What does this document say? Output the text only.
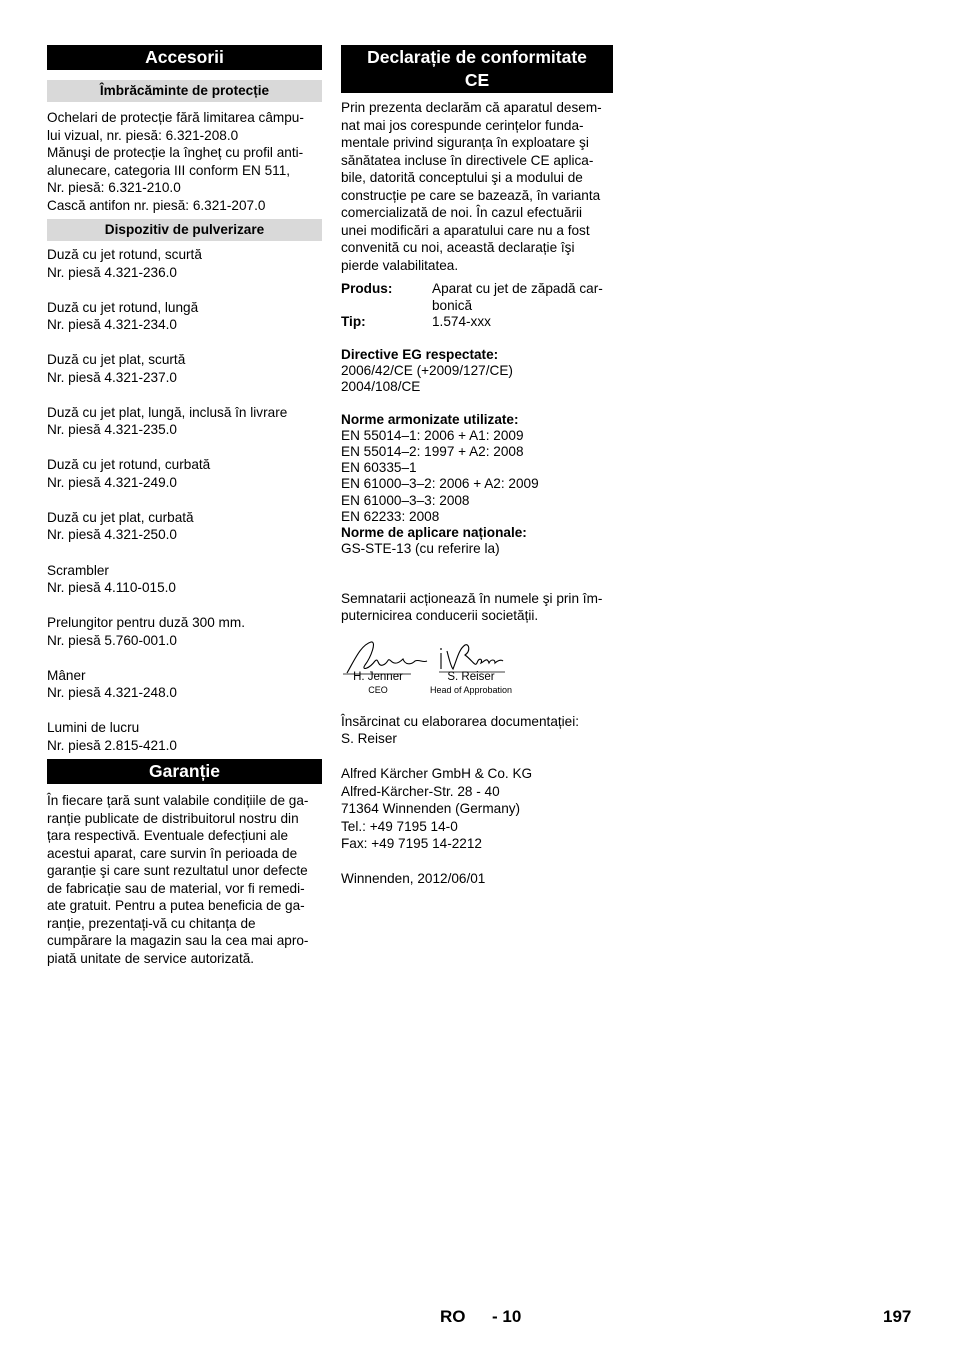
Accesorii
Îmbrăcăminte de protecție

Ochelari de protecție fără limitarea câmpu-

lui vizual, nr. piesă: 6.321-208.0

Mănuşi de protecție la îngheț cu profil anti-

alunecare, categoria III conform EN 511,

Nr. piesă: 6.321-210.0

Cască antifon nr. piesă: 6.321-207.0

Dispozitiv de pulverizare

Duză cu jet rotund, scurtă

Nr. piesă 4.321-236.0

Duză cu jet rotund, lungă

Nr. piesă 4.321-234.0

Duză cu jet plat, scurtă

Nr. piesă 4.321-237.0

Duză cu jet plat, lungă, inclusă în livrare

Nr. piesă 4.321-235.0

Duză cu jet rotund, curbată

Nr. piesă 4.321-249.0

Duză cu jet plat, curbată

Nr. piesă 4.321-250.0

Scrambler

Nr. piesă 4.110-015.0

Prelungitor pentru duză 300 mm.

Nr. piesă 5.760-001.0

Mâner

Nr. piesă 4.321-248.0

Lumini de lucru

Nr. piesă 2.815-421.0

Garanție

În fiecare țară sunt valabile condițiile de ga-

ranție publicate de distribuitorul nostru din

țara respectivă. Eventuale defecțiuni ale

acestui aparat, care survin în perioada de

garanție şi care sunt rezultatul unor defecte

de fabricație sau de material, vor fi remedi-

ate gratuit. Pentru a putea beneficia de ga-

ranție, prezentați-vă cu chitanța de

cumpărare la magazin sau la cea mai apro-

piată unitate de service autorizată.

Declarație de conformitate
CE

Prin prezenta declarăm că aparatul desem-

nat mai jos corespunde cerințelor funda-

mentale privind siguranța în exploatare şi

sănătatea incluse în directivele CE aplica-

bile, datorită conceptului şi a modului de

construcție pe care se bazează, în varianta

comercializată de noi. În cazul efectuării

unei modificări a aparatului care nu a fost

convenită cu noi, această declarație îşi

pierde valabilitatea.

Produs:	Aparat cu jet de zăpadă car-
bonică
Tip:	1.574-xxx

Directive EG respectate:

2006/42/CE (+2009/127/CE)

2004/108/CE

Norme armonizate utilizate:

EN 55014–1: 2006 + A1: 2009

EN 55014–2: 1997 + A2: 2008

EN 60335–1

EN 61000–3–2: 2006 + A2: 2009

EN 61000–3–3: 2008

EN 62233: 2008

Norme de aplicare naționale:

GS-STE-13 (cu referire la)

Semnatarii acționează în numele şi prin îm-

puternicirea conducerii societății.

H. Jenner
CEO
S. Reiser
Head of Approbation

Însărcinat cu elaborarea documentației:

S. Reiser

Alfred Kärcher GmbH & Co. KG

Alfred-Kärcher-Str. 28 - 40

71364 Winnenden (Germany)

Tel.: +49 7195 14-0

Fax: +49 7195 14-2212

Winnenden, 2012/06/01

RO - 10	197
